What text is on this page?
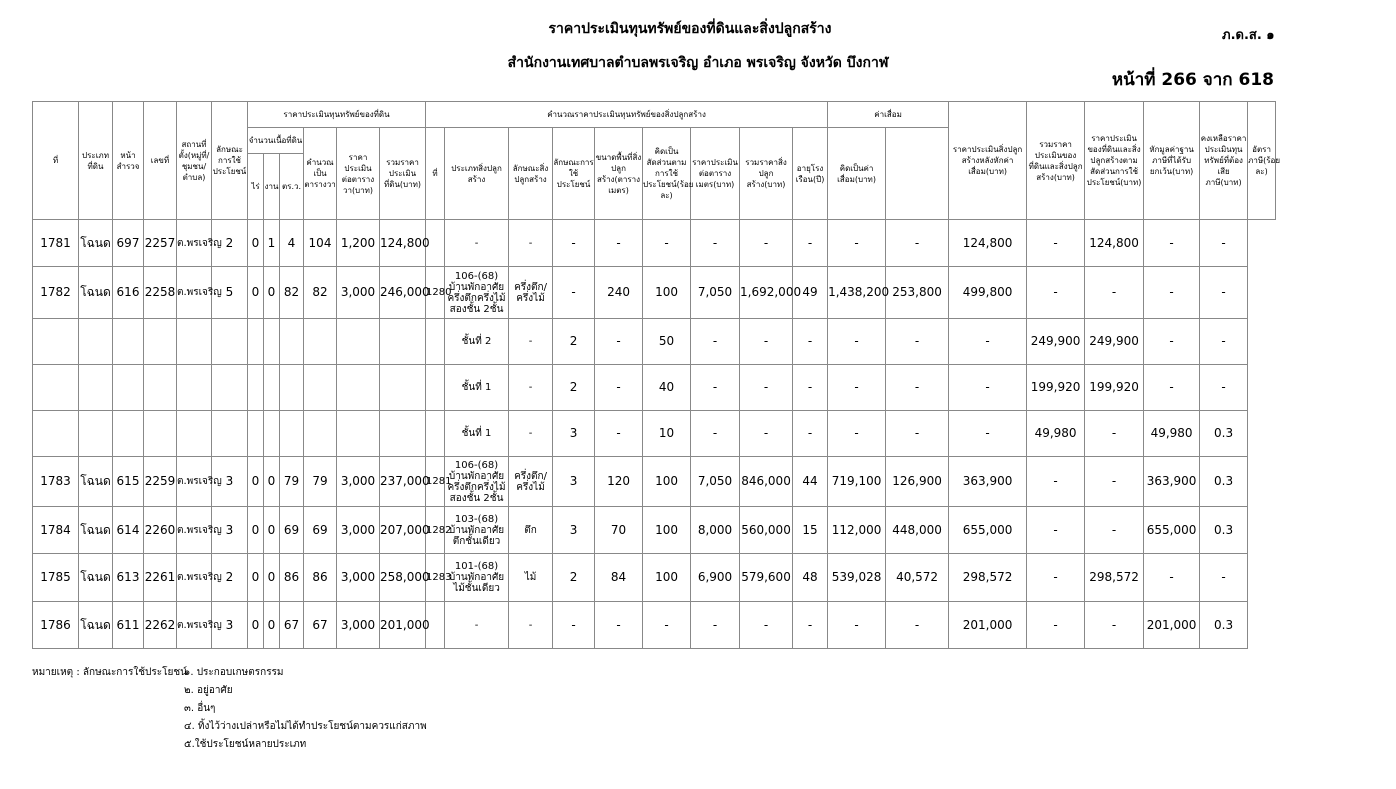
ราคาประเมินทุนทรัพย์ของที่ดินและสิ่งปลูกสร้าง	ภ.ด.ส. ๑
สำนักงานเทศบาลตำบลพรเจริญ อำเภอ พรเจริญ จังหวัด บึงกาฬ
หน้าที่ 266 จาก 618
ที่	ประเภทที่ดิน	หน้าสำรวจ	เลขที่	สถานที่ตั้ง(หมู่ที่/ชุมชน/ตำบล)	ลักษณะการใช้ประโยชน์	ราคาประเมินทุนทรัพย์ของที่ดิน						คำนวณราคาประเมินทุนทรัพย์ของสิ่งปลูกสร้าง									ค่าเสื่อม		ราคาประเมินสิ่งปลูกสร้างหลังหักค่าเสื่อม(บาท)	รวมราคาประเมินของที่ดินและสิ่งปลูกสร้าง(บาท)	ราคาประเมินของที่ดินและสิ่งปลูกสร้างตามสัดส่วนการใช้ประโยชน์(บาท)	หักมูลค่าฐานภาษีที่ได้รับยกเว้น(บาท)	คงเหลือราคาประเมินทุนทรัพย์ที่ต้องเสียภาษี(บาท)	อัตราภาษี(ร้อยละ)
						จำนวนเนื้อที่ดิน			คำนวณเป็นตารางวา	ราคาประเมินต่อตารางวา(บาท)	รวมราคาประเมินที่ดิน(บาท)	ที่	ประเภทสิ่งปลูกสร้าง	ลักษณะสิ่งปลูกสร้าง	ลักษณะการใช้ประโยชน์	ขนาดพื้นที่สิ่งปลูกสร้าง(ตารางเมตร)	คิดเป็นสัดส่วนตามการใช้ประโยชน์(ร้อยละ)	ราคาประเมินต่อตารางเมตร(บาท)	รวมราคาสิ่งปลูกสร้าง(บาท)	อายุโรงเรือน(ปี)	คิดเป็นค่าเสื่อม(บาท)							
						ไร่	งาน	ตร.ว.																				
1781	โฉนด	697	2257	ต.พรเจริญ	2	0	1	4	104	1,200	124,800		-	-	-	-	-	-	-	-	-	-	124,800	-	124,800	-	-	
1782	โฉนด	616	2258	ต.พรเจริญ	5	0	0	82	82	3,000	246,000	1280	106-(68) บ้านพักอาศัยครึ่งตึกครึ่งไม้สองชั้น 2ชั้น	ครึ่งตึก/ครึ่งไม้	-	240	100	7,050	1,692,000	49	1,438,200	253,800	499,800	-	-	-	-	
													ชั้นที่ 2	-	2	-	50	-	-	-	-	-	-	249,900	249,900	-	-	
													ชั้นที่ 1	-	2	-	40	-	-	-	-	-	-	199,920	199,920	-	-	
													ชั้นที่ 1	-	3	-	10	-	-	-	-	-	-	49,980	-	49,980	0.3	
1783	โฉนด	615	2259	ต.พรเจริญ	3	0	0	79	79	3,000	237,000	1281	106-(68) บ้านพักอาศัยครึ่งตึกครึ่งไม้สองชั้น 2ชั้น	ครึ่งตึก/ครึ่งไม้	3	120	100	7,050	846,000	44	719,100	126,900	363,900	-	-	363,900	0.3	
1784	โฉนด	614	2260	ต.พรเจริญ	3	0	0	69	69	3,000	207,000	1282	103-(68) บ้านพักอาศัยตึกชั้นเดียว	ตึก	3	70	100	8,000	560,000	15	112,000	448,000	655,000	-	-	655,000	0.3	
1785	โฉนด	613	2261	ต.พรเจริญ	2	0	0	86	86	3,000	258,000	1283	101-(68) บ้านพักอาศัยไม้ชั้นเดียว	ไม้	2	84	100	6,900	579,600	48	539,028	40,572	298,572	-	298,572	-	-	
1786	โฉนด	611	2262	ต.พรเจริญ	3	0	0	67	67	3,000	201,000		-	-	-	-	-	-	-	-	-	-	201,000	-	-	201,000	0.3	
หมายเหตุ : ลักษณะการใช้ประโยชน์
๑. ประกอบเกษตรกรรม
๒. อยู่อาศัย
๓. อื่นๆ
๔. ทิ้งไว้ว่างเปล่าหรือไม่ได้ทำประโยชน์ตามควรแก่สภาพ
๕.ใช้ประโยชน์หลายประเภท
